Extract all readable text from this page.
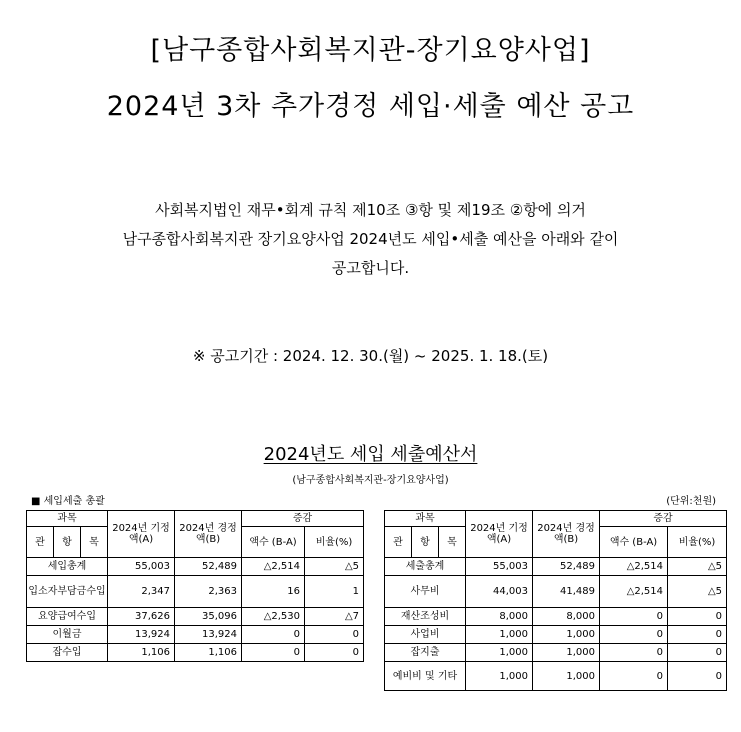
[남구종합사회복지관-장기요양사업]
2024년 3차 추가경정 세입·세출 예산 공고
사회복지법인 재무•회계 규칙 제10조 ③항 및 제19조 ②항에 의거
남구종합사회복지관 장기요양사업 2024년도 세입•세출 예산을 아래와 같이
공고합니다.
※ 공고기간 : 2024. 12. 30.(월) ~ 2025. 1. 18.(토)
2024년도 세입 세출예산서
(남구종합사회복지관-장기요양사업)
■ 세입세출 총괄	(단위:천원)
과목			2024년 기정액(A)	2024년 경정액(B)	증감	
관	항	목			액수 (B-A)	비율(%)
세입총계			55,003	52,489	△2,514	△5
입소자부담금수입			2,347	2,363	16	1
요양급여수입			37,626	35,096	△2,530	△7
이월금			13,924	13,924	0	0
잡수입			1,106	1,106	0	0
과목			2024년 기정액(A)	2024년 경정액(B)	증감	
관	항	목			액수 (B-A)	비율(%)
세출총계			55,003	52,489	△2,514	△5
사무비			44,003	41,489	△2,514	△5
재산조성비			8,000	8,000	0	0
사업비			1,000	1,000	0	0
잡지출			1,000	1,000	0	0
예비비 및 기타			1,000	1,000	0	0
